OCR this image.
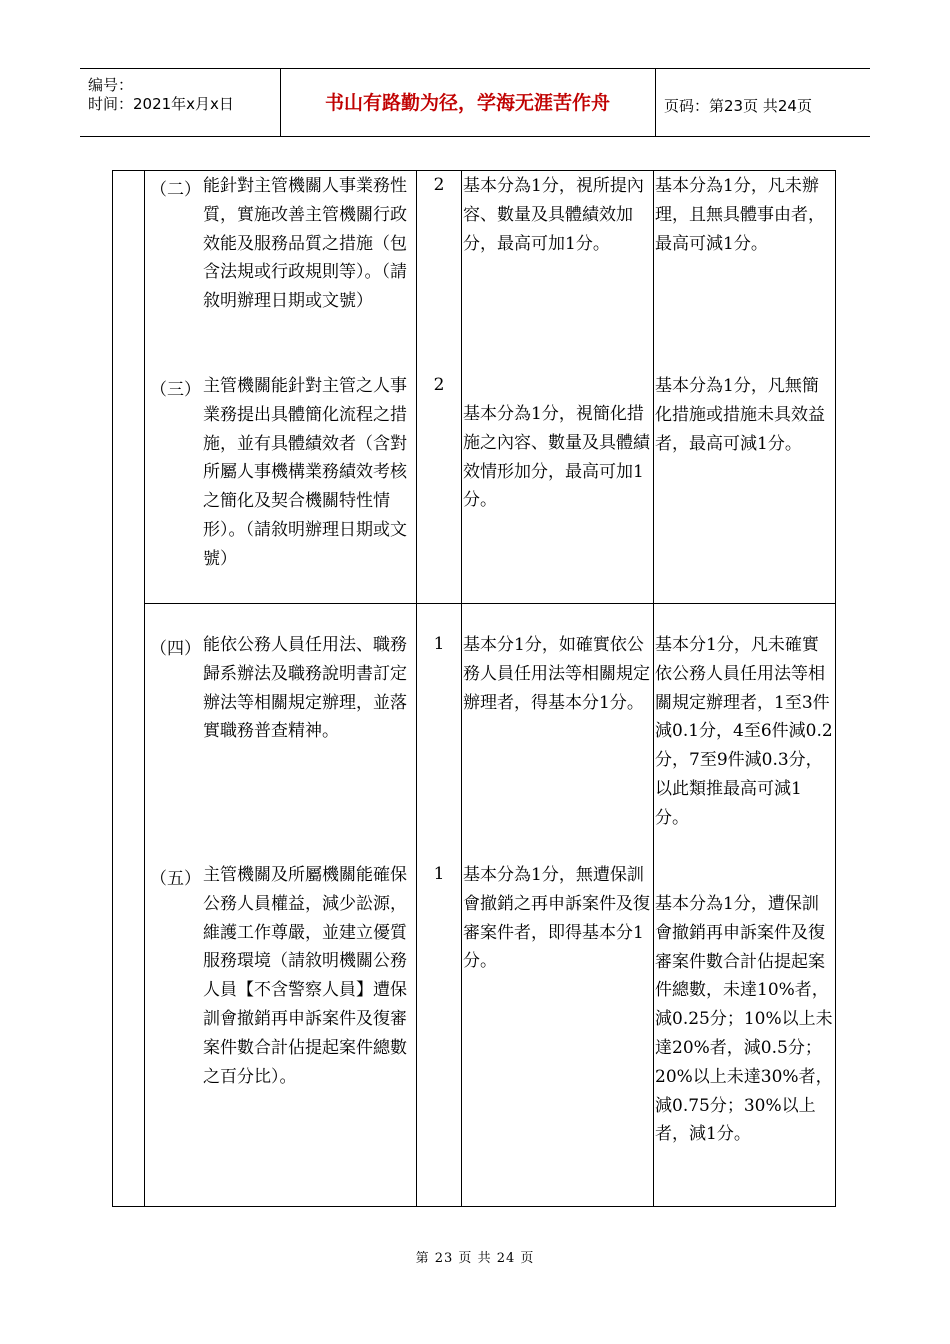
编号：
时间：2021年x月x日	书山有路勤为径，学海无涯苦作舟	页码：第23页 共24页
（二） 能針對主管機關人事業務性質，實施改善主管機關行政效能及服務品質之措施（包含法規或行政規則等）。（請敘明辦理日期或文號）
2	基本分為1分，視所提內容、數量及具體績效加分，最高可加1分。
基本分為1分，凡未辦理，且無具體事由者，最高可減1分。
（三） 主管機關能針對主管之人事業務提出具體簡化流程之措施，並有具體績效者（含對所屬人事機構業務績效考核之簡化及契合機關特性情形）。（請敘明辦理日期或文號）
2
基本分為1分，視簡化措施之內容、數量及具體績效情形加分，最高可加1分。
基本分為1分，凡無簡化措施或措施未具效益者，最高可減1分。
（四） 能依公務人員任用法、職務歸系辦法及職務說明書訂定辦法等相關規定辦理，並落實職務普查精神。
1	基本分1分，如確實依公務人員任用法等相關規定辦理者，得基本分1分。
基本分1分，凡未確實依公務人員任用法等相關規定辦理者，1至3件減0.1分，4至6件減0.2分，7至9件減0.3分，以此類推最高可減1分。
（五） 主管機關及所屬機關能確保公務人員權益，減少訟源，維護工作尊嚴，並建立優質服務環境（請敘明機關公務人員【不含警察人員】遭保訓會撤銷再申訴案件及復審案件數合計佔提起案件總數之百分比）。
1	基本分為1分，無遭保訓會撤銷之再申訴案件及復審案件者，即得基本分1分。
基本分為1分，遭保訓會撤銷再申訴案件及復審案件數合計佔提起案件總數，未達10%者，減0.25分；10%以上未達20%者，減0.5分；20%以上未達30%者，減0.75分；30%以上者，減1分。
第 23 页 共 24 页
